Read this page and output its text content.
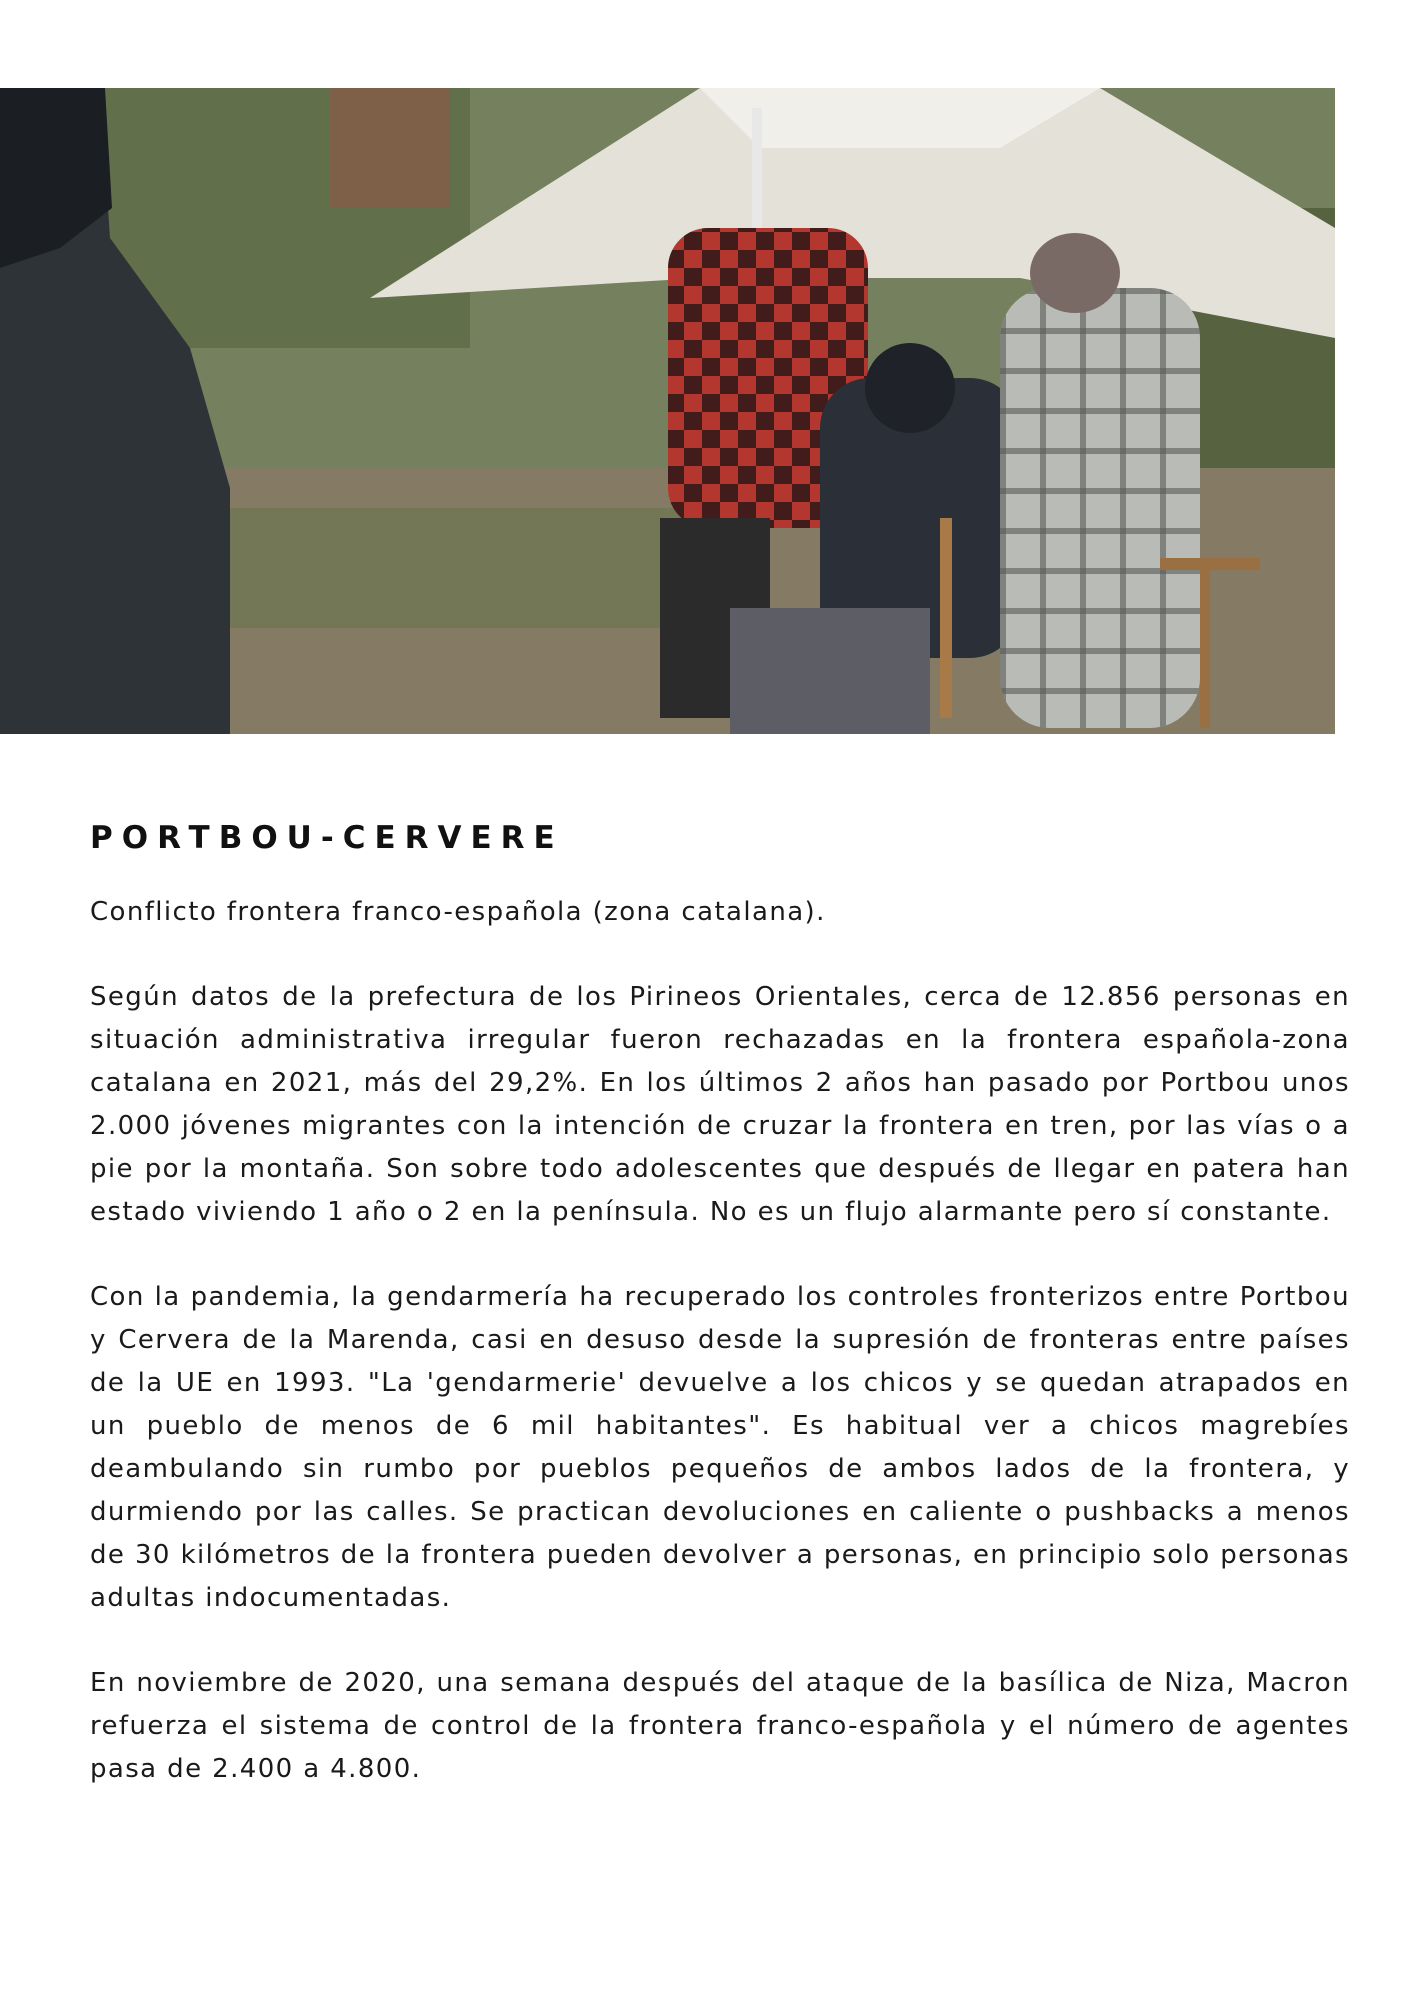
PORTBOU-CERVERE

Conflicto frontera franco-española (zona catalana).

Según datos de la prefectura de los Pirineos Orientales, cerca de 12.856 personas en situación administrativa irregular fueron rechazadas en la frontera española-zona catalana en 2021, más del 29,2%. En los últimos 2 años han pasado por Portbou unos 2.000 jóvenes migrantes con la intención de cruzar la frontera en tren, por las vías o a pie por la montaña. Son sobre todo adolescentes que después de llegar en patera han estado viviendo 1 año o 2 en la península. No es un flujo alarmante pero sí constante.

Con la pandemia, la gendarmería ha recuperado los controles fronterizos entre Portbou y Cervera de la Marenda, casi en desuso desde la supresión de fronteras entre países de la UE en 1993. "La 'gendarmerie' devuelve a los chicos y se quedan atrapados en un pueblo de menos de 6 mil habitantes". Es habitual ver a chicos magrebíes deambulando sin rumbo por pueblos pequeños de ambos lados de la frontera, y durmiendo por las calles. Se practican devoluciones en caliente o pushbacks a menos de 30 kilómetros de la frontera pueden devolver a personas, en principio solo personas adultas indocumentadas.

En noviembre de 2020, una semana después del ataque de la basílica de Niza, Macron refuerza el sistema de control de la frontera franco-española y el número de agentes pasa de 2.400 a 4.800.
